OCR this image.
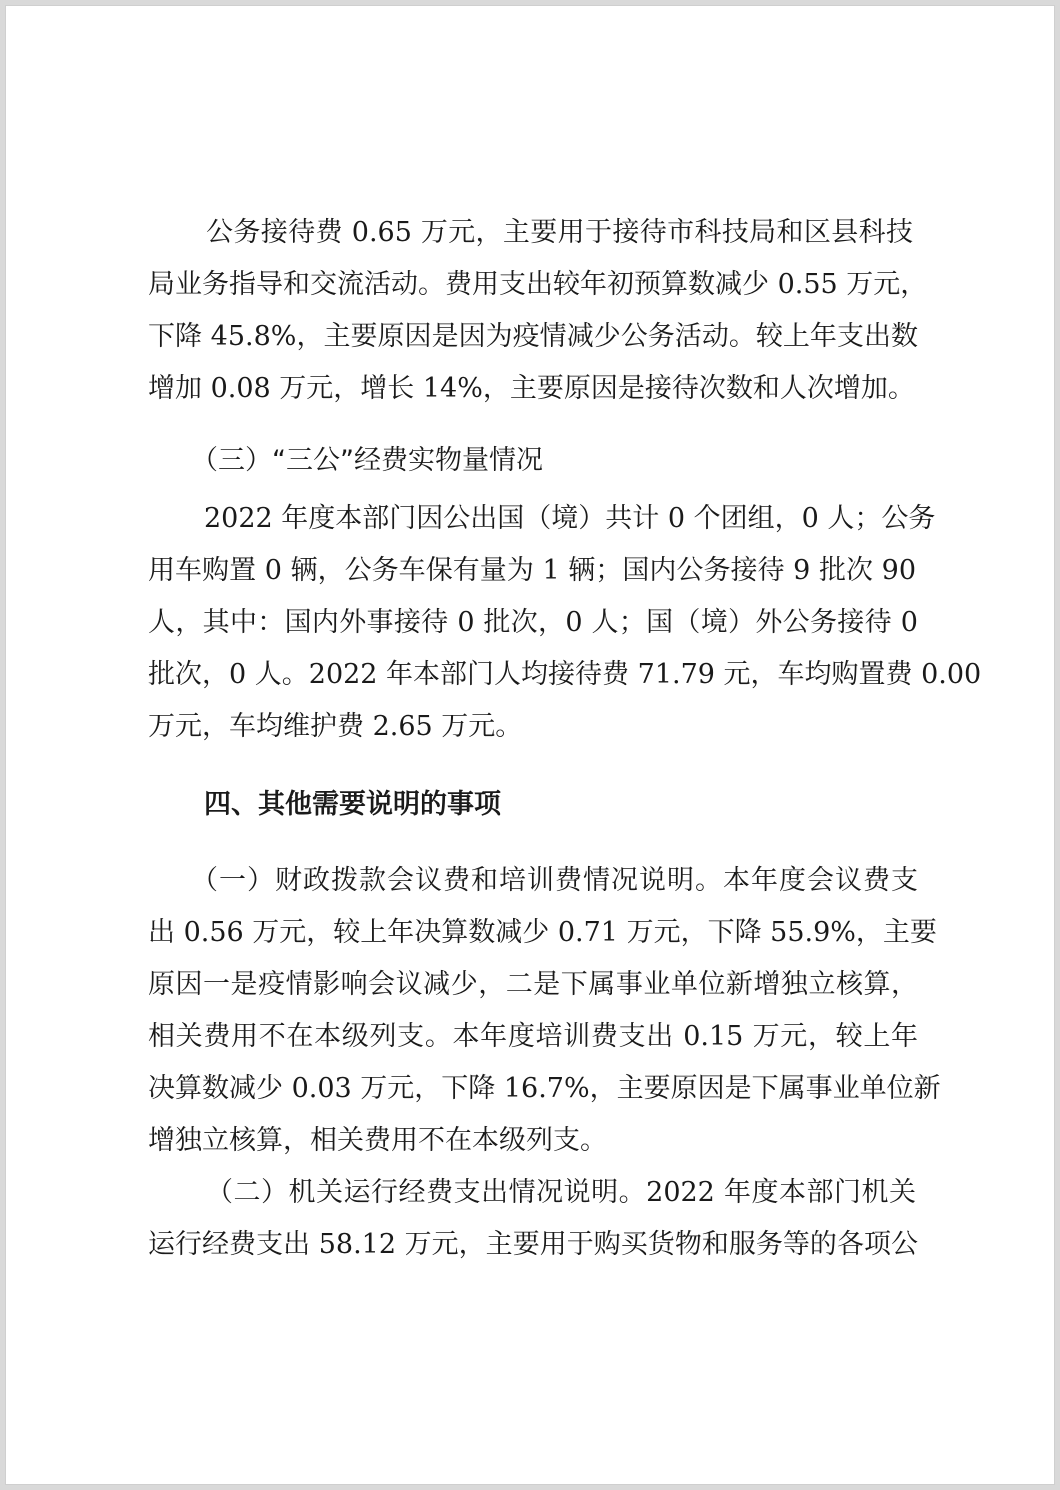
公务接待费 0.65 万元，主要用于接待市科技局和区县科技
局业务指导和交流活动。费用支出较年初预算数减少 0.55 万元，
下降 45.8%，主要原因是因为疫情减少公务活动。较上年支出数
增加 0.08 万元，增长 14%，主要原因是接待次数和人次增加。
（三）“三公”经费实物量情况
2022 年度本部门因公出国（境）共计 0 个团组，0 人；公务
用车购置 0 辆，公务车保有量为 1 辆；国内公务接待 9 批次 90
人，其中：国内外事接待 0 批次，0 人；国（境）外公务接待 0
批次，0 人。2022 年本部门人均接待费 71.79 元，车均购置费 0.00
万元，车均维护费 2.65 万元。
四、其他需要说明的事项
（一）财政拨款会议费和培训费情况说明。本年度会议费支
出 0.56 万元，较上年决算数减少 0.71 万元，下降 55.9%，主要
原因一是疫情影响会议减少，二是下属事业单位新增独立核算，
相关费用不在本级列支。本年度培训费支出 0.15 万元，较上年
决算数减少 0.03 万元，下降 16.7%，主要原因是下属事业单位新
增独立核算，相关费用不在本级列支。
（二）机关运行经费支出情况说明。2022 年度本部门机关
运行经费支出 58.12 万元，主要用于购买货物和服务等的各项公
